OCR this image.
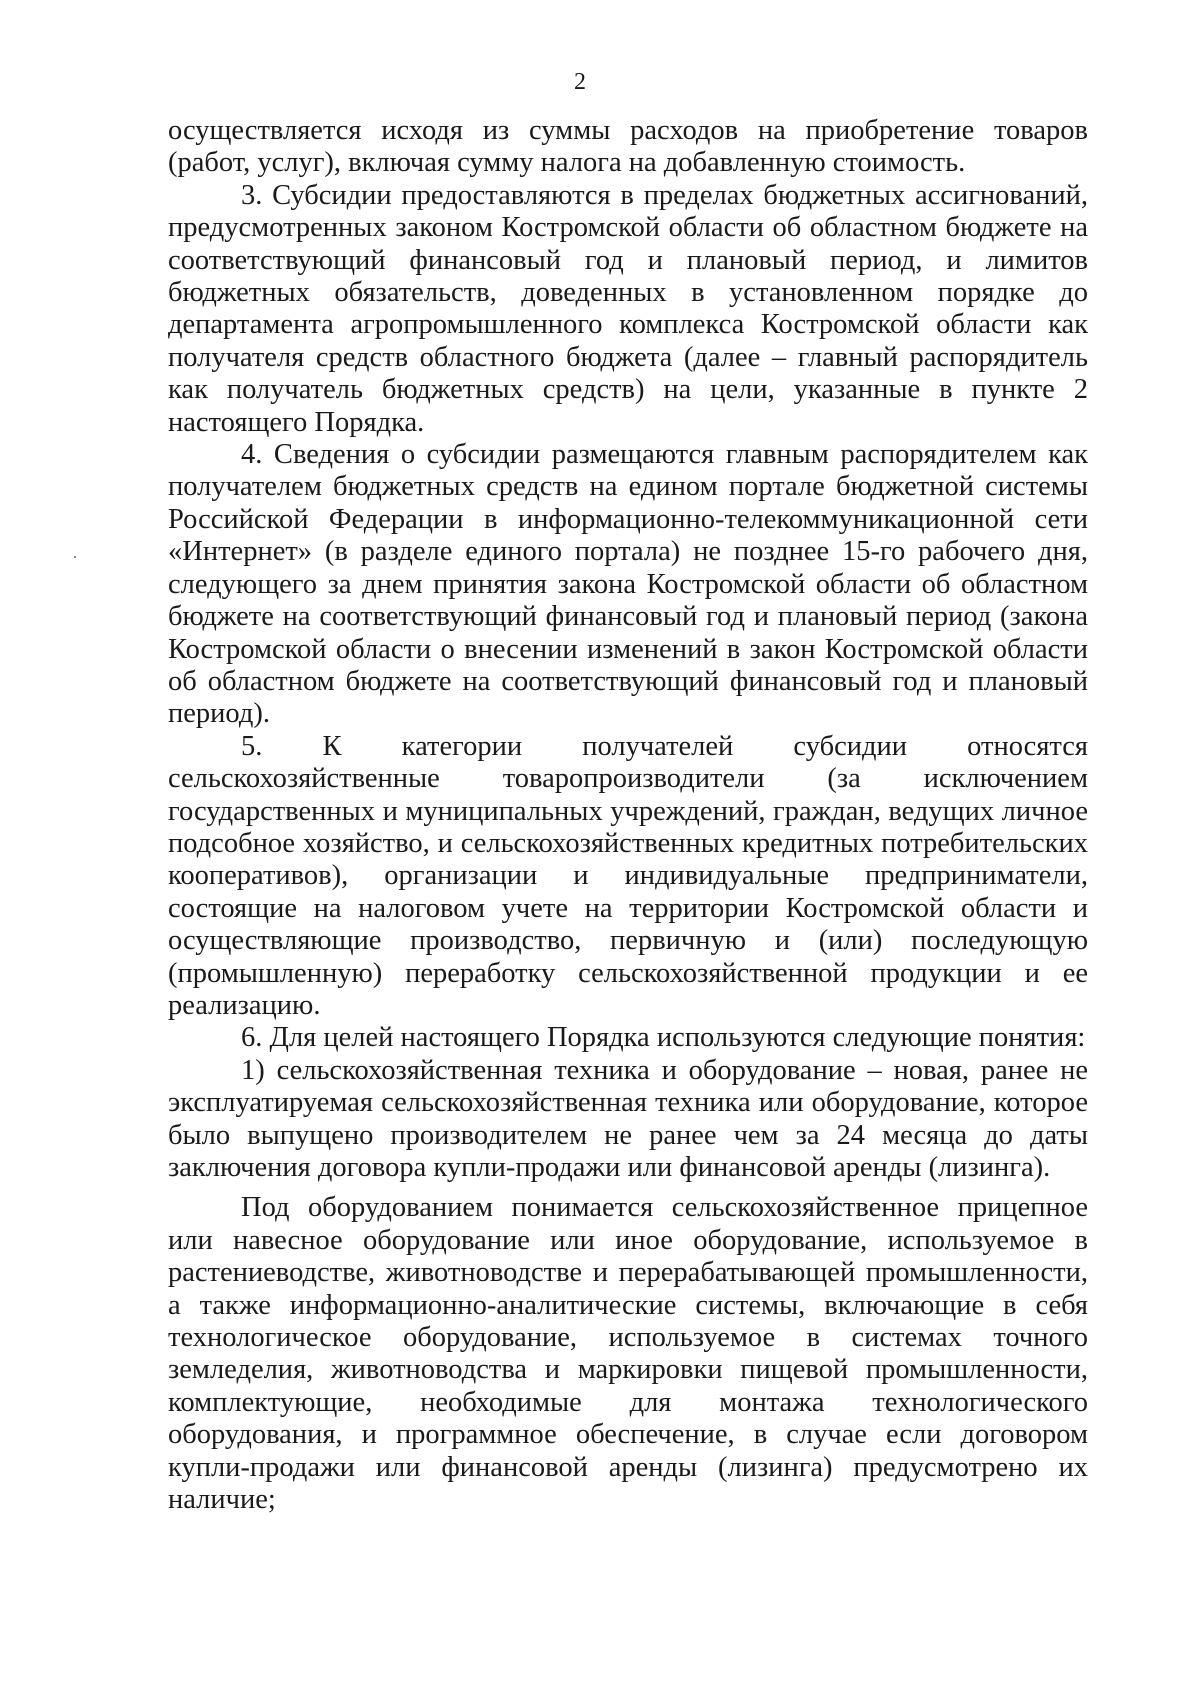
2

осуществляется исходя из суммы расходов на приобретение товаров (работ, услуг), включая сумму налога на добавленную стоимость.

3. Субсидии предоставляются в пределах бюджетных ассигнований, предусмотренных законом Костромской области об областном бюджете на соответствующий финансовый год и плановый период, и лимитов бюджетных обязательств, доведенных в установленном порядке до департамента агропромышленного комплекса Костромской области как получателя средств областного бюджета (далее – главный распорядитель как получатель бюджетных средств) на цели, указанные в пункте 2 настоящего Порядка.

4. Сведения о субсидии размещаются главным распорядителем как получателем бюджетных средств на едином портале бюджетной системы Российской Федерации в информационно-телекоммуникационной сети «Интернет» (в разделе единого портала) не позднее 15-го рабочего дня, следующего за днем принятия закона Костромской области об областном бюджете на соответствующий финансовый год и плановый период (закона Костромской области о внесении изменений в закон Костромской области об областном бюджете на соответствующий финансовый год и плановый период).

5. К категории получателей субсидии относятся сельскохозяйственные товаропроизводители (за исключением государственных и муниципальных учреждений, граждан, ведущих личное подсобное хозяйство, и сельскохозяйственных кредитных потребительских кооперативов), организации и индивидуальные предприниматели, состоящие на налоговом учете на территории Костромской области и осуществляющие производство, первичную и (или) последующую (промышленную) переработку сельскохозяйственной продукции и ее реализацию.

6. Для целей настоящего Порядка используются следующие понятия:

1) сельскохозяйственная техника и оборудование – новая, ранее не эксплуатируемая сельскохозяйственная техника или оборудование, которое было выпущено производителем не ранее чем за 24 месяца до даты заключения договора купли-продажи или финансовой аренды (лизинга).

Под оборудованием понимается сельскохозяйственное прицепное или навесное оборудование или иное оборудование, используемое в растениеводстве, животноводстве и перерабатывающей промышленности, а также информационно-аналитические системы, включающие в себя технологическое оборудование, используемое в системах точного земледелия, животноводства и маркировки пищевой промышленности, комплектующие, необходимые для монтажа технологического оборудования, и программное обеспечение, в случае если договором купли-продажи или финансовой аренды (лизинга) предусмотрено их наличие;
